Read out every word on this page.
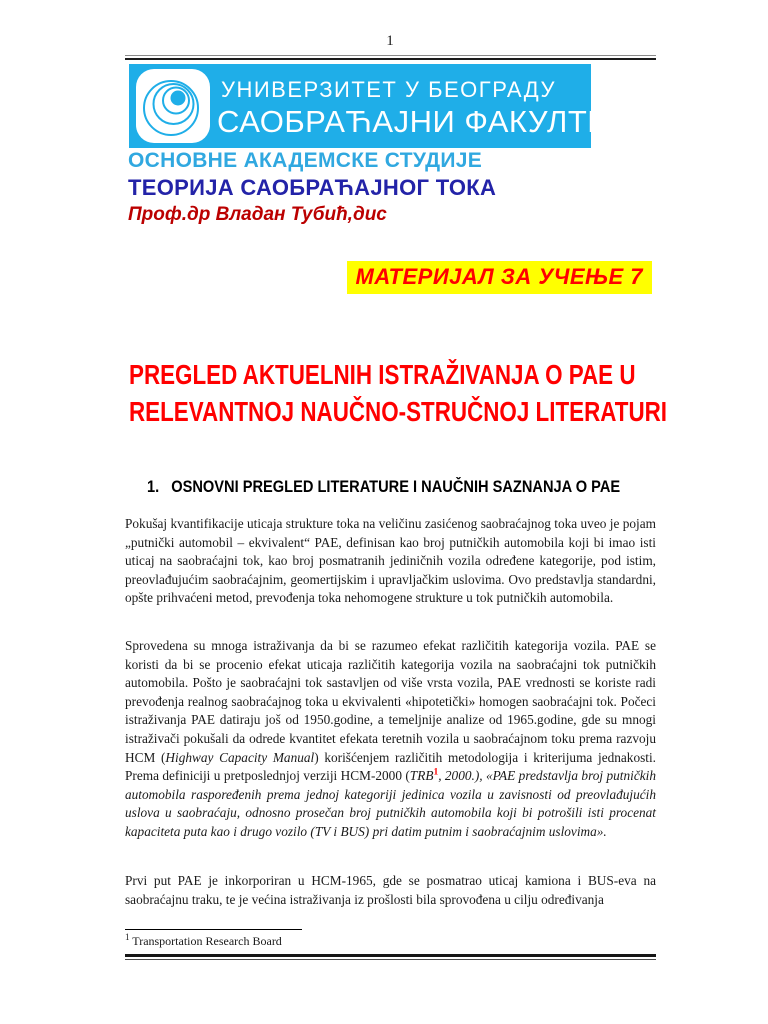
1
УНИВЕРЗИТЕТ У БЕОГРАДУ
САОБРАЋАЈНИ ФАКУЛТЕТ
ОСНОВНЕ АКАДЕМСКЕ СТУДИЈЕ
ТЕОРИЈА САОБРАЋАЈНОГ ТОКА
Проф.др Владан Тубић,дис
МАТЕРИЈАЛ ЗА УЧЕЊЕ 7
PREGLED AKTUELNIH ISTRAŽIVANJA O PAE U
RELEVANTNOJ NAUČNO-STRUČNOJ LITERATURI
1. OSNOVNI PREGLED LITERATURE I NAUČNIH SAZNANJA O PAE

Pokušaj kvantifikacije uticaja strukture toka na veličinu zasićenog saobraćajnog toka uveo je pojam „putnički automobil – ekvivalent“ PAE, definisan kao broj putničkih automobila koji bi imao isti uticaj na saobraćajni tok, kao broj posmatranih jediničnih vozila određene kategorije, pod istim, preovlađujućim saobraćajnim, geomertijskim i upravljačkim uslovima. Ovo predstavlja standardni, opšte prihvaćeni metod, prevođenja toka nehomogene strukture u tok putničkih automobila.

Sprovedena su mnoga istraživanja da bi se razumeo efekat različitih kategorija vozila. PAE se koristi da bi se procenio efekat uticaja različitih kategorija vozila na saobraćajni tok putničkih automobila. Pošto je saobraćajni tok sastavljen od više vrsta vozila, PAE vrednosti se koriste radi prevođenja realnog saobraćajnog toka u ekvivalenti «hipotetički» homogen saobraćajni tok. Počeci istraživanja PAE datiraju još od 1950.godine, a temeljnije analize od 1965.godine, gde su mnogi istraživači pokušali da odrede kvantitet efekata teretnih vozila u saobraćajnom toku prema razvoju HCM (Highway Capacity Manual) korišćenjem različitih metodologija i kriterijuma jednakosti. Prema definiciji u pretposlednjoj verziji HCM-2000 (TRB$^1$, 2000.), «PAE predstavlja broj putničkih automobila raspoređenih prema jednoj kategoriji jedinica vozila u zavisnosti od preovlađujućih uslova u saobraćaju, odnosno prosečan broj putničkih automobila koji bi potrošili isti procenat kapaciteta puta kao i drugo vozilo (TV i BUS) pri datim putnim i saobraćajnim uslovima».

Prvi put PAE je inkorporiran u HCM-1965, gde se posmatrao uticaj kamiona i BUS-eva na saobraćajnu traku, te je većina istraživanja iz prošlosti bila sprovođena u cilju određivanja

$^1$ Transportation Research Board
